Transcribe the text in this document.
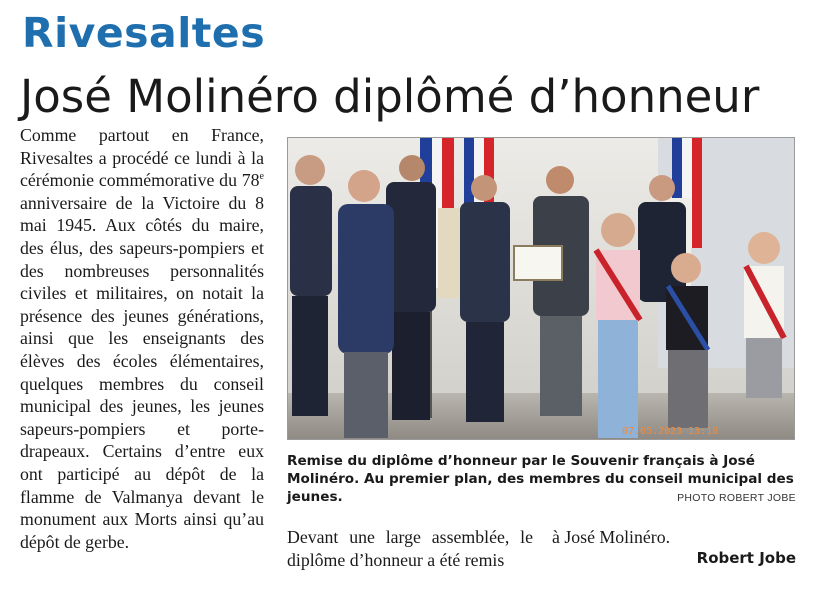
Rivesaltes
José Molinéro diplômé d’honneur

Comme partout en France, Rivesaltes a procédé ce lundi à la cérémonie commémorative du 78e anniversaire de la Victoire du 8 mai 1945. Aux côtés du maire, des élus, des sapeurs-pompiers et des nombreuses personnalités civiles et militaires, on notait la présence des jeunes générations, ainsi que les enseignants des élèves des écoles élémentaires, quelques membres du conseil municipal des jeunes, les jeunes sapeurs-pompiers et porte-drapeaux. Certains d’entre eux ont participé au dépôt de la flamme de Valmanya devant le monument aux Morts ainsi qu’au dépôt de gerbe.

07.05.2023 13:18

Remise du diplôme d’honneur par le Souvenir français à José Molinéro. Au premier plan, des membres du conseil municipal des jeunes.	PHOTO ROBERT JOBE

Devant une large assemblée, le diplôme d’honneur a été remis

à José Molinéro.

Robert Jobe
